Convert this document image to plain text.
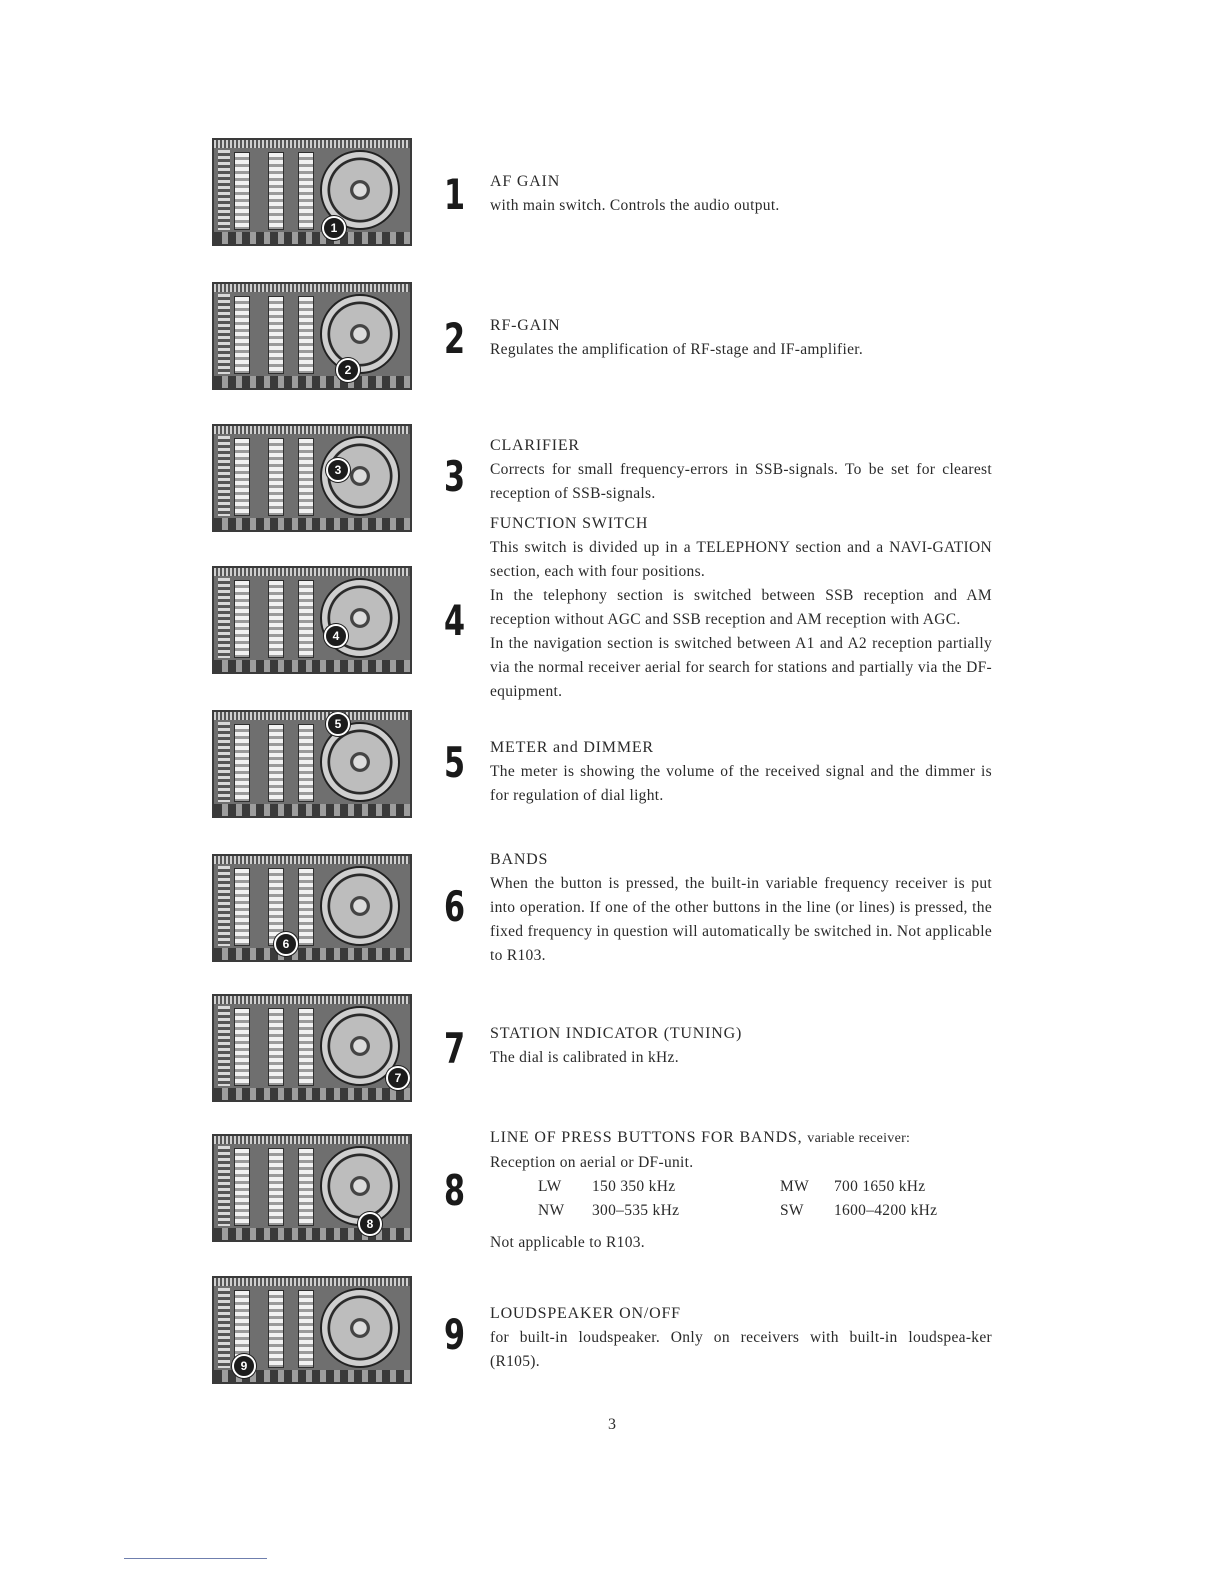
1
2
3
4
5
6
7
8
9
1
2
3
4
5
6
7
8
9
AF GAIN
with main switch. Controls the audio output.
RF-GAIN
Regulates the amplification of RF-stage and IF-amplifier.
CLARIFIER
Corrects for small frequency-errors in SSB-signals. To be set for clearest reception of SSB-signals.
FUNCTION SWITCH
This switch is divided up in a TELEPHONY section and a NAVI-GATION section, each with four positions.
In the telephony section is switched between SSB reception and AM reception without AGC and SSB reception and AM reception with AGC.
In the navigation section is switched between A1 and A2 reception partially via the normal receiver aerial for search for stations and partially via the DF-equipment.
METER and DIMMER
The meter is showing the volume of the received signal and the dimmer is for regulation of dial light.
BANDS
When the button is pressed, the built-in variable frequency receiver is put into operation. If one of the other buttons in the line (or lines) is pressed, the fixed frequency in question will automatically be switched in. Not applicable to R103.
STATION INDICATOR (TUNING)
The dial is calibrated in kHz.
LINE OF PRESS BUTTONS FOR BANDS, variable receiver:
Reception on aerial or DF-unit.
LW	150 350 kHz	MW	700 1650 kHz
NW	300–535 kHz	SW	1600–4200 kHz
Not applicable to R103.
LOUDSPEAKER ON/OFF
for built-in loudspeaker. Only on receivers with built-in loudspea-ker (R105).
3
